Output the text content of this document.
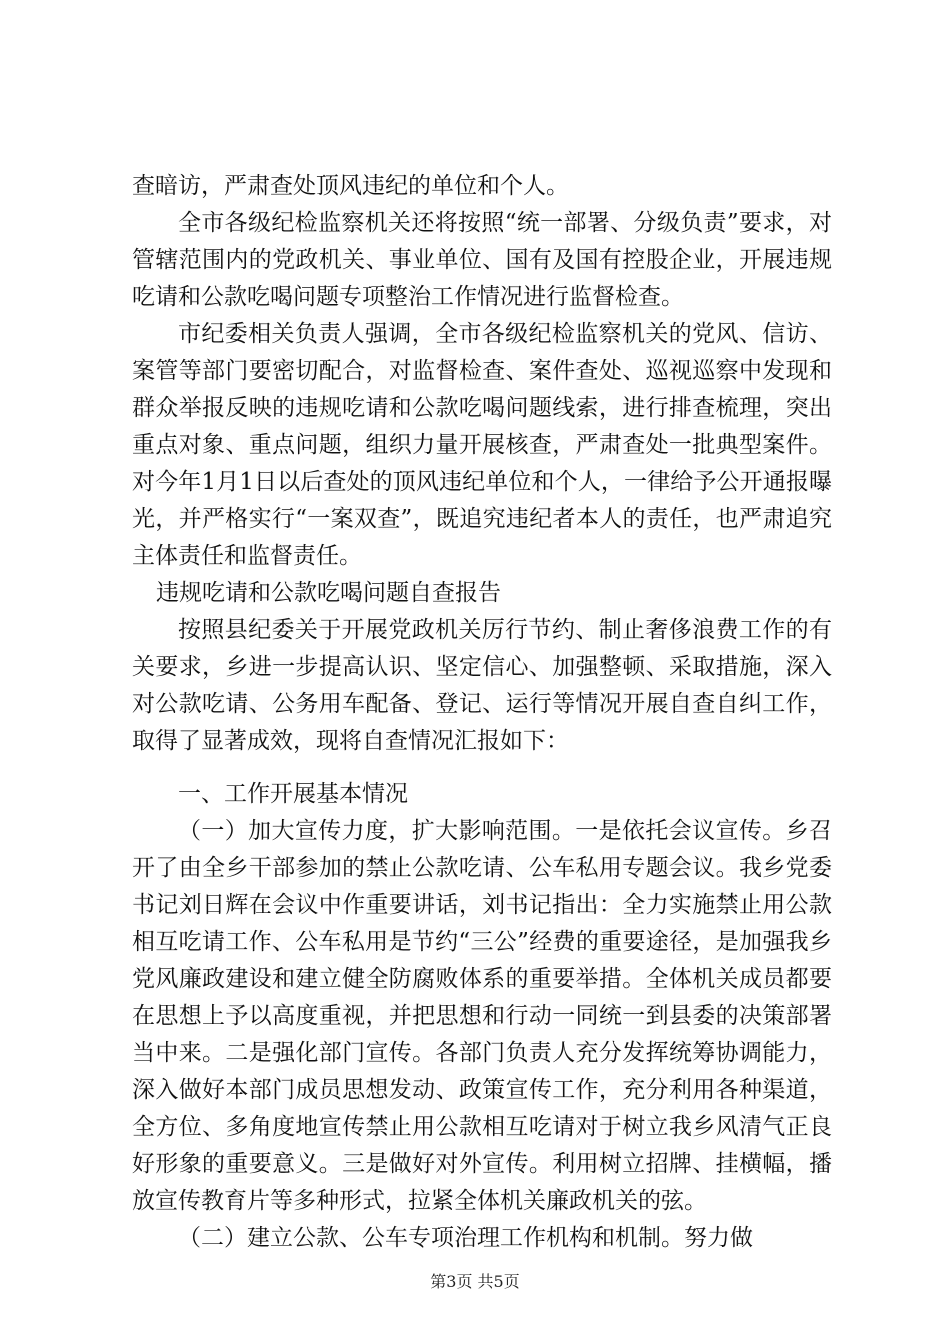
查暗访，严肃查处顶风违纪的单位和个人。

全市各级纪检监察机关还将按照“统一部署、分级负责”要求，对管辖范围内的党政机关、事业单位、国有及国有控股企业，开展违规吃请和公款吃喝问题专项整治工作情况进行监督检查。

市纪委相关负责人强调，全市各级纪检监察机关的党风、信访、案管等部门要密切配合，对监督检查、案件查处、巡视巡察中发现和群众举报反映的违规吃请和公款吃喝问题线索，进行排查梳理，突出重点对象、重点问题，组织力量开展核查，严肃查处一批典型案件。对今年1月1日以后查处的顶风违纪单位和个人，一律给予公开通报曝光，并严格实行“一案双查”，既追究违纪者本人的责任，也严肃追究主体责任和监督责任。

违规吃请和公款吃喝问题自查报告

按照县纪委关于开展党政机关厉行节约、制止奢侈浪费工作的有关要求，乡进一步提高认识、坚定信心、加强整顿、采取措施，深入对公款吃请、公务用车配备、登记、运行等情况开展自查自纠工作，取得了显著成效，现将自查情况汇报如下：

一、工作开展基本情况

（一）加大宣传力度，扩大影响范围。一是依托会议宣传。乡召开了由全乡干部参加的禁止公款吃请、公车私用专题会议。我乡党委书记刘日辉在会议中作重要讲话，刘书记指出：全力实施禁止用公款相互吃请工作、公车私用是节约“三公”经费的重要途径，是加强我乡党风廉政建设和建立健全防腐败体系的重要举措。全体机关成员都要在思想上予以高度重视，并把思想和行动一同统一到县委的决策部署当中来。二是强化部门宣传。各部门负责人充分发挥统筹协调能力，深入做好本部门成员思想发动、政策宣传工作，充分利用各种渠道，全方位、多角度地宣传禁止用公款相互吃请对于树立我乡风清气正良好形象的重要意义。三是做好对外宣传。利用树立招牌、挂横幅，播放宣传教育片等多种形式，拉紧全体机关廉政机关的弦。

（二）建立公款、公车专项治理工作机构和机制。努力做

第3页 共5页
